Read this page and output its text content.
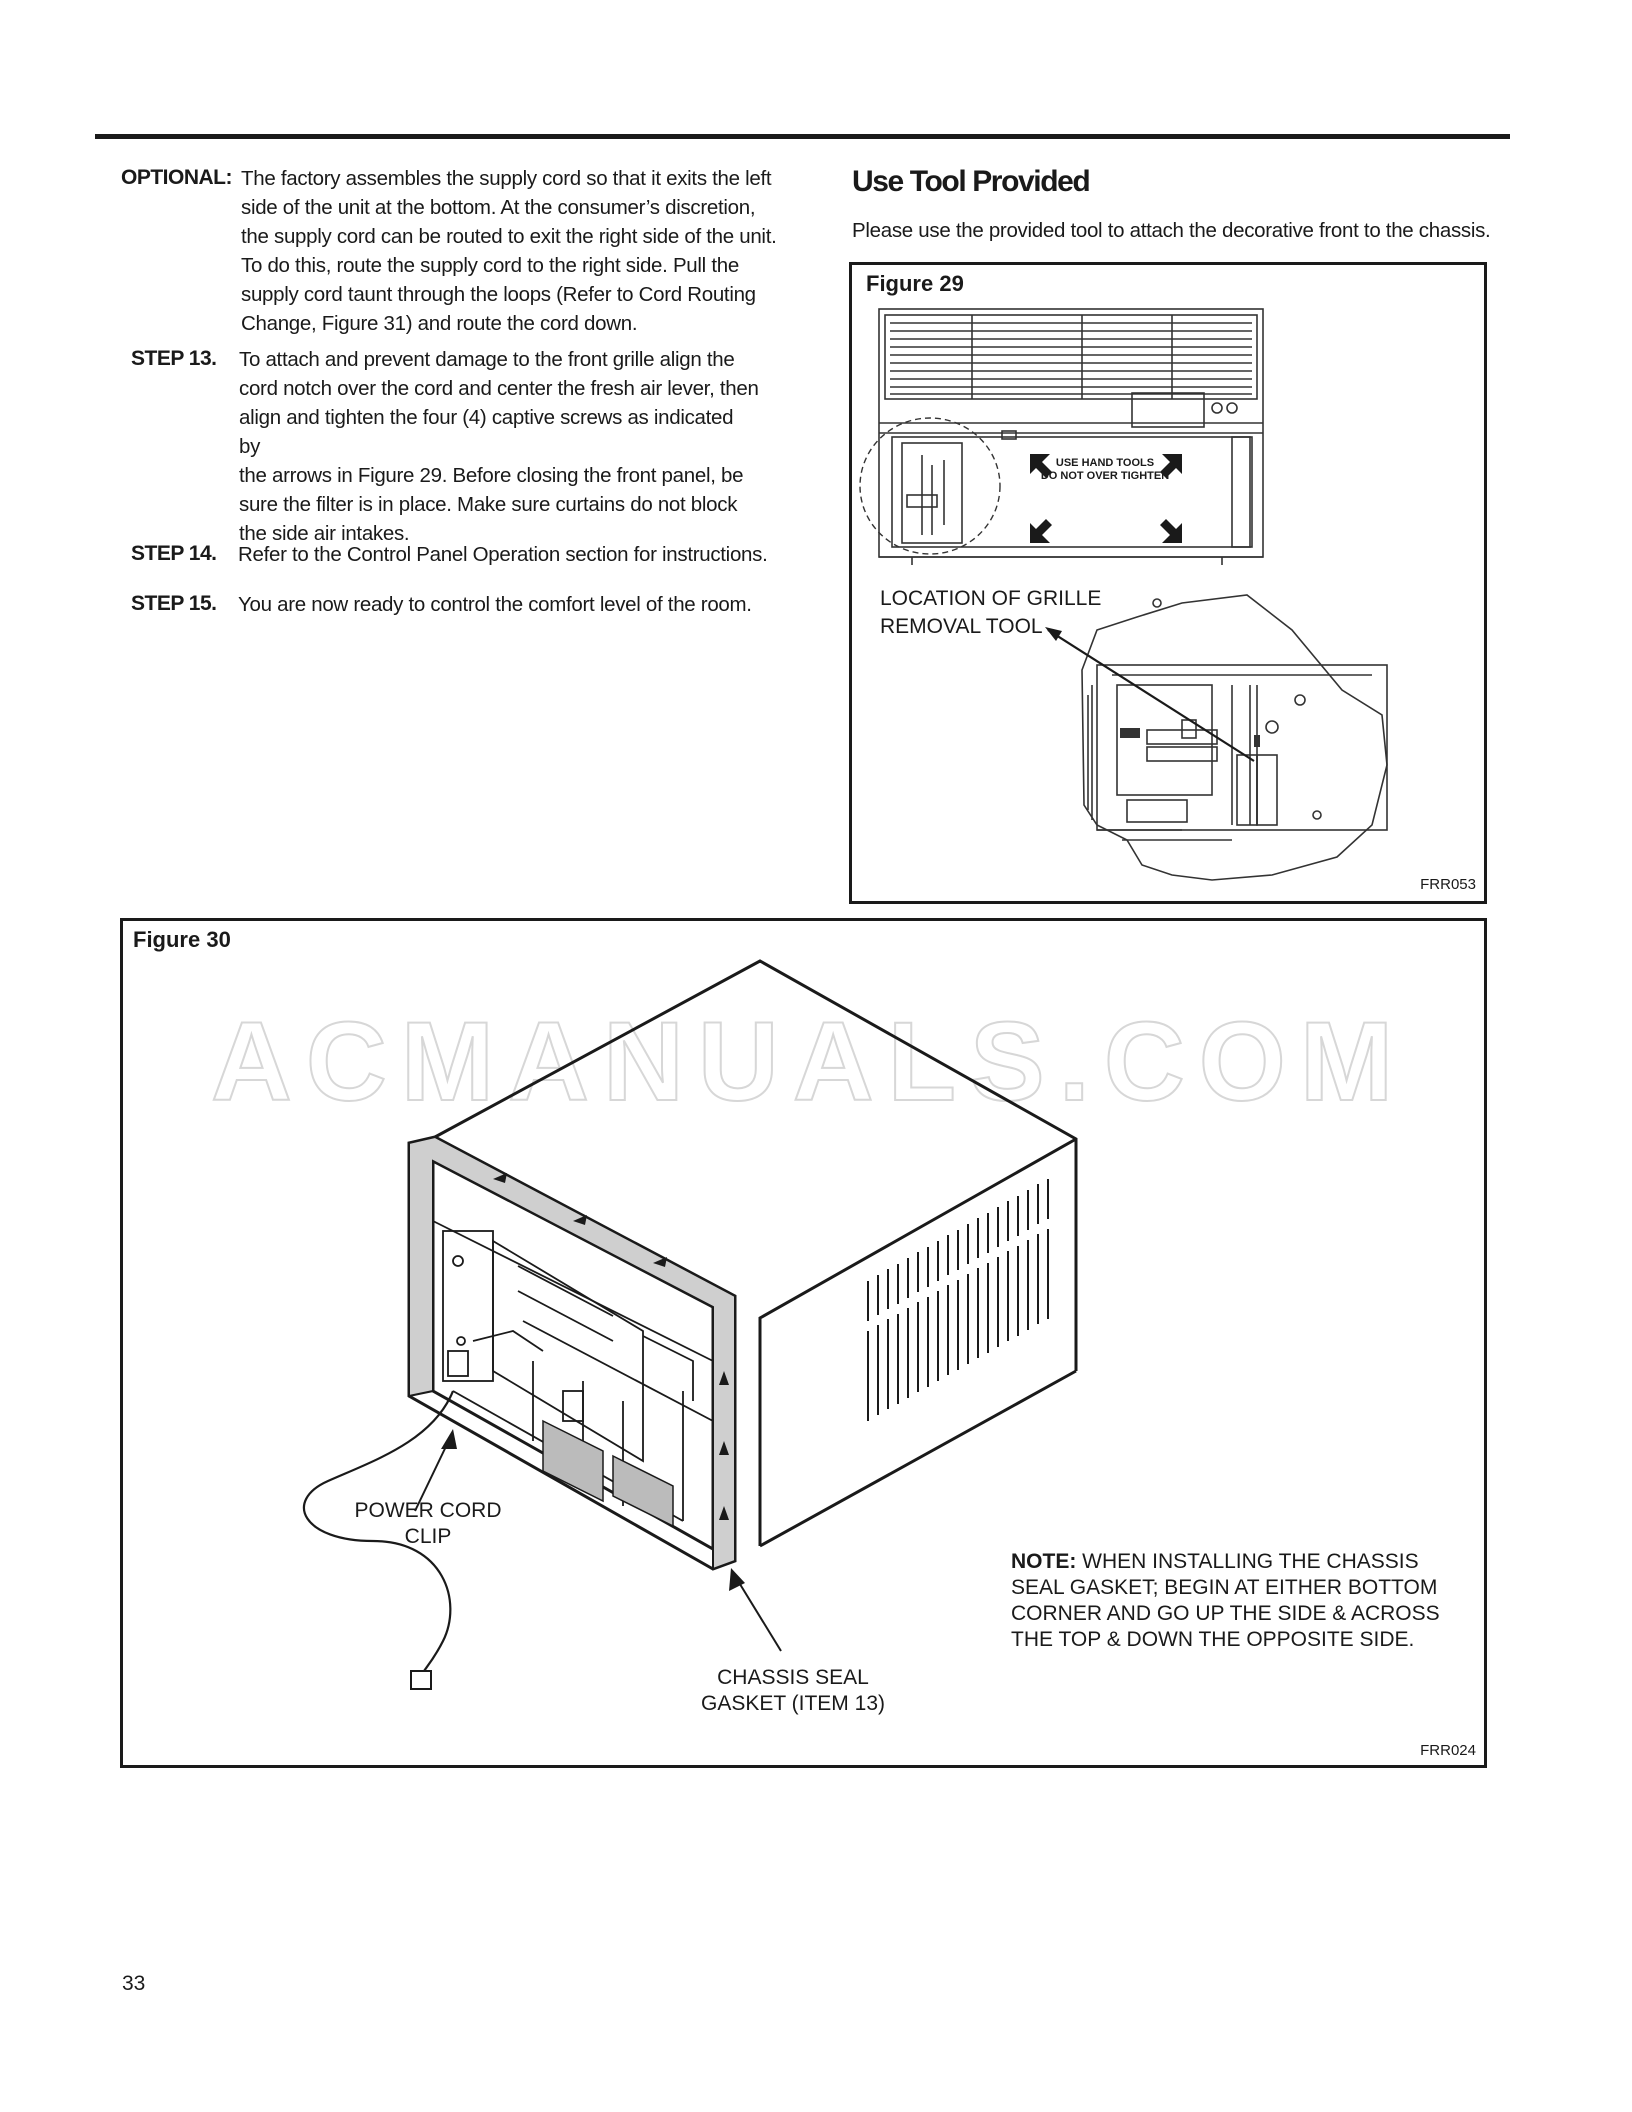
OPTIONAL: The factory assembles the supply cord so that it exits the left
side of the unit at the bottom. At the consumer’s discretion,
the supply cord can be routed to exit the right side of the unit.
To do this, route the supply cord to the right side. Pull the
supply cord taunt through the loops (Refer to Cord Routing
Change, Figure 31) and route the cord down.
STEP 13. To attach and prevent damage to the front grille align the
cord notch over the cord and center the fresh air lever, then
align and tighten the four (4) captive screws as indicated by
the arrows in Figure 29. Before closing the front panel, be
sure the filter is in place. Make sure curtains do not block
the side air intakes.
STEP 14. Refer to the Control Panel Operation section for instructions.
STEP 15. You are now ready to control the comfort level of the room.
Use Tool Provided
Please use the provided tool to attach the decorative front to the chassis.
Figure 29
USE HAND TOOLS
DO NOT OVER TIGHTEN
LOCATION OF GRILLE
REMOVAL TOOL
FRR053
Figure 30
ACMANUALS.COM
POWER CORD
CLIP
CHASSIS SEAL
GASKET (ITEM 13)
NOTE: WHEN INSTALLING THE CHASSIS
SEAL GASKET; BEGIN AT EITHER BOTTOM
CORNER AND GO UP THE SIDE & ACROSS
THE TOP & DOWN THE OPPOSITE SIDE.
FRR024
33
